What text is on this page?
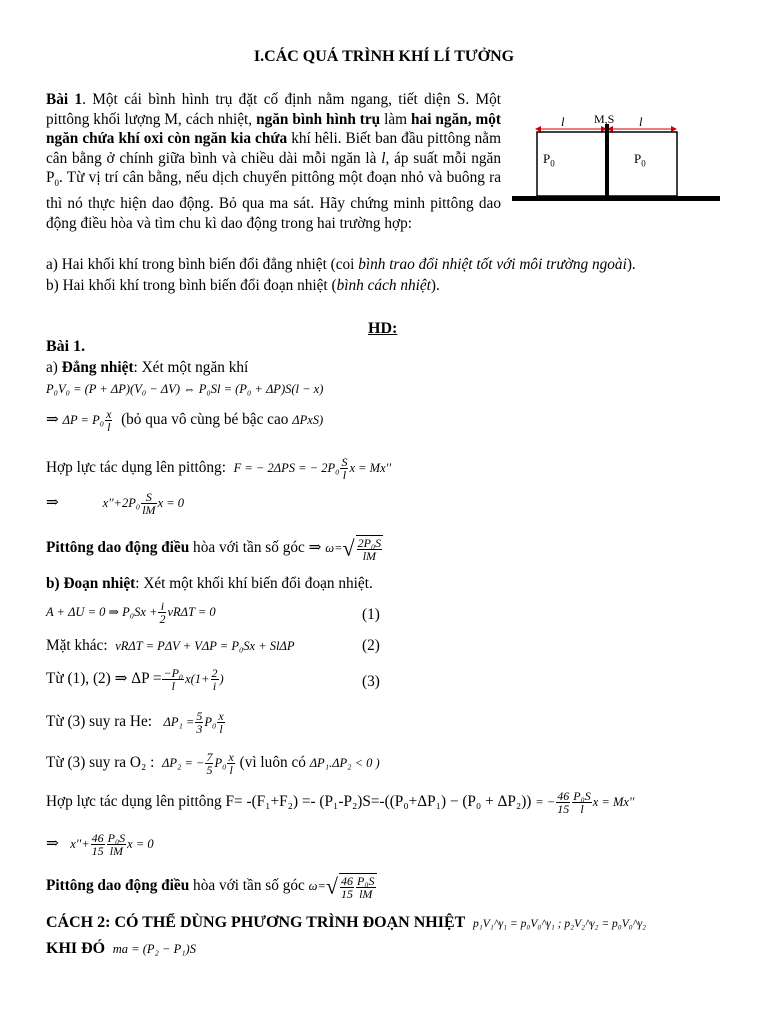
I.CÁC QUÁ TRÌNH KHÍ LÍ TƯỞNG
Bài 1. Một cái bình hình trụ đặt cố định nằm ngang, tiết diện S. Một pittông khối lượng M, cách nhiệt, ngăn bình hình trụ làm hai ngăn, một ngăn chứa khí oxi còn ngăn kia chứa khí hêli. Biết ban đầu pittông nằm cân bằng ở chính giữa bình và chiều dài mỗi ngăn là l, áp suất mỗi ngăn $P_0$. Từ vị trí cân bằng, nếu dịch chuyển pittông một đoạn nhỏ và buông ra thì nó thực hiện dao động. Bỏ qua ma sát. Hãy chứng minh pittông dao động điều hòa và tìm chu kì dao động trong hai trường hợp:
a) Hai khối khí trong bình biến đổi đẳng nhiệt (coi bình trao đổi nhiệt tốt với môi trường ngoài).
b) Hai khối khí trong bình biến đổi đoạn nhiệt (bình cách nhiệt).
l M,S l
$P_0$	$P_0$
HD:
Bài 1.
a) Đẳng nhiệt: Xét một ngăn khí
P₀V₀ = (P + ΔP)(V₀ − ΔV) ⇔ P₀Sl = (P₀ + ΔP)S(l − x)
⇒ $\Delta P = P_0 \frac{x}{l}$ (bỏ qua vô cùng bé bậc cao ΔPxS)
Hợp lực tác dụng lên pittông: F = − 2ΔPS = − $2P_0 \frac{S}{l}$ x = Mx''
⇒	$x''+2P_0 \frac{S}{lM}$ x = 0
Pittông dao động điều hòa với tần số góc ⇒ $\omega=√ \frac{\text{2P₀S}}{lM}$
b) Đoạn nhiệt: Xét một khối khí biến đổi đoạn nhiệt.
A + ΔU = 0 ⇒ $P_0Sx + \frac{i}{2}$ νRΔT = 0	(1)
Mặt khác: νRΔT = PΔV + VΔP = P₀Sx + SlΔP	(2)
Từ (1), (2) ⇒ $\Delta P = \frac{\text{−P₀}}{l} x(1+ \frac{2}{i}$ )	(3)
Từ (3) suy ra He: $\Delta P_1 = \frac{5}{3} P_0 \frac{x}{l}$
Từ (3) suy ra O₂ : ΔP₂ = − $\frac{7}{5} P_0 \frac{x}{l}$ (vì luôn có ΔP₁.ΔP₂ < 0 )
Hợp lực tác dụng lên pittông F= -(F₁+F₂) =- (P₁-P₂)S=-((P₀+ΔP₁) − (P₀ + ΔP₂)) = − $\frac{46}{15} \frac{\text{P₀S}}{l}$ x = Mx''
⇒   $x''+ \frac{46}{15} \frac{\text{P₀S}}{lM}$ x = 0
Pittông dao động điều hòa với tần số góc $\omega=√ \frac{46}{15} \frac{\text{P₀S}}{lM}$
CÁCH 2: CÓ THỂ DÙNG PHƯƠNG TRÌNH ĐOẠN NHIỆT p₁V₁^γ₁ = p₀V₀^γ₁ ; p₂V₂^γ₂ = p₀V₀^γ₂
KHI ĐÓ ma = (P₂ − P₁)S
